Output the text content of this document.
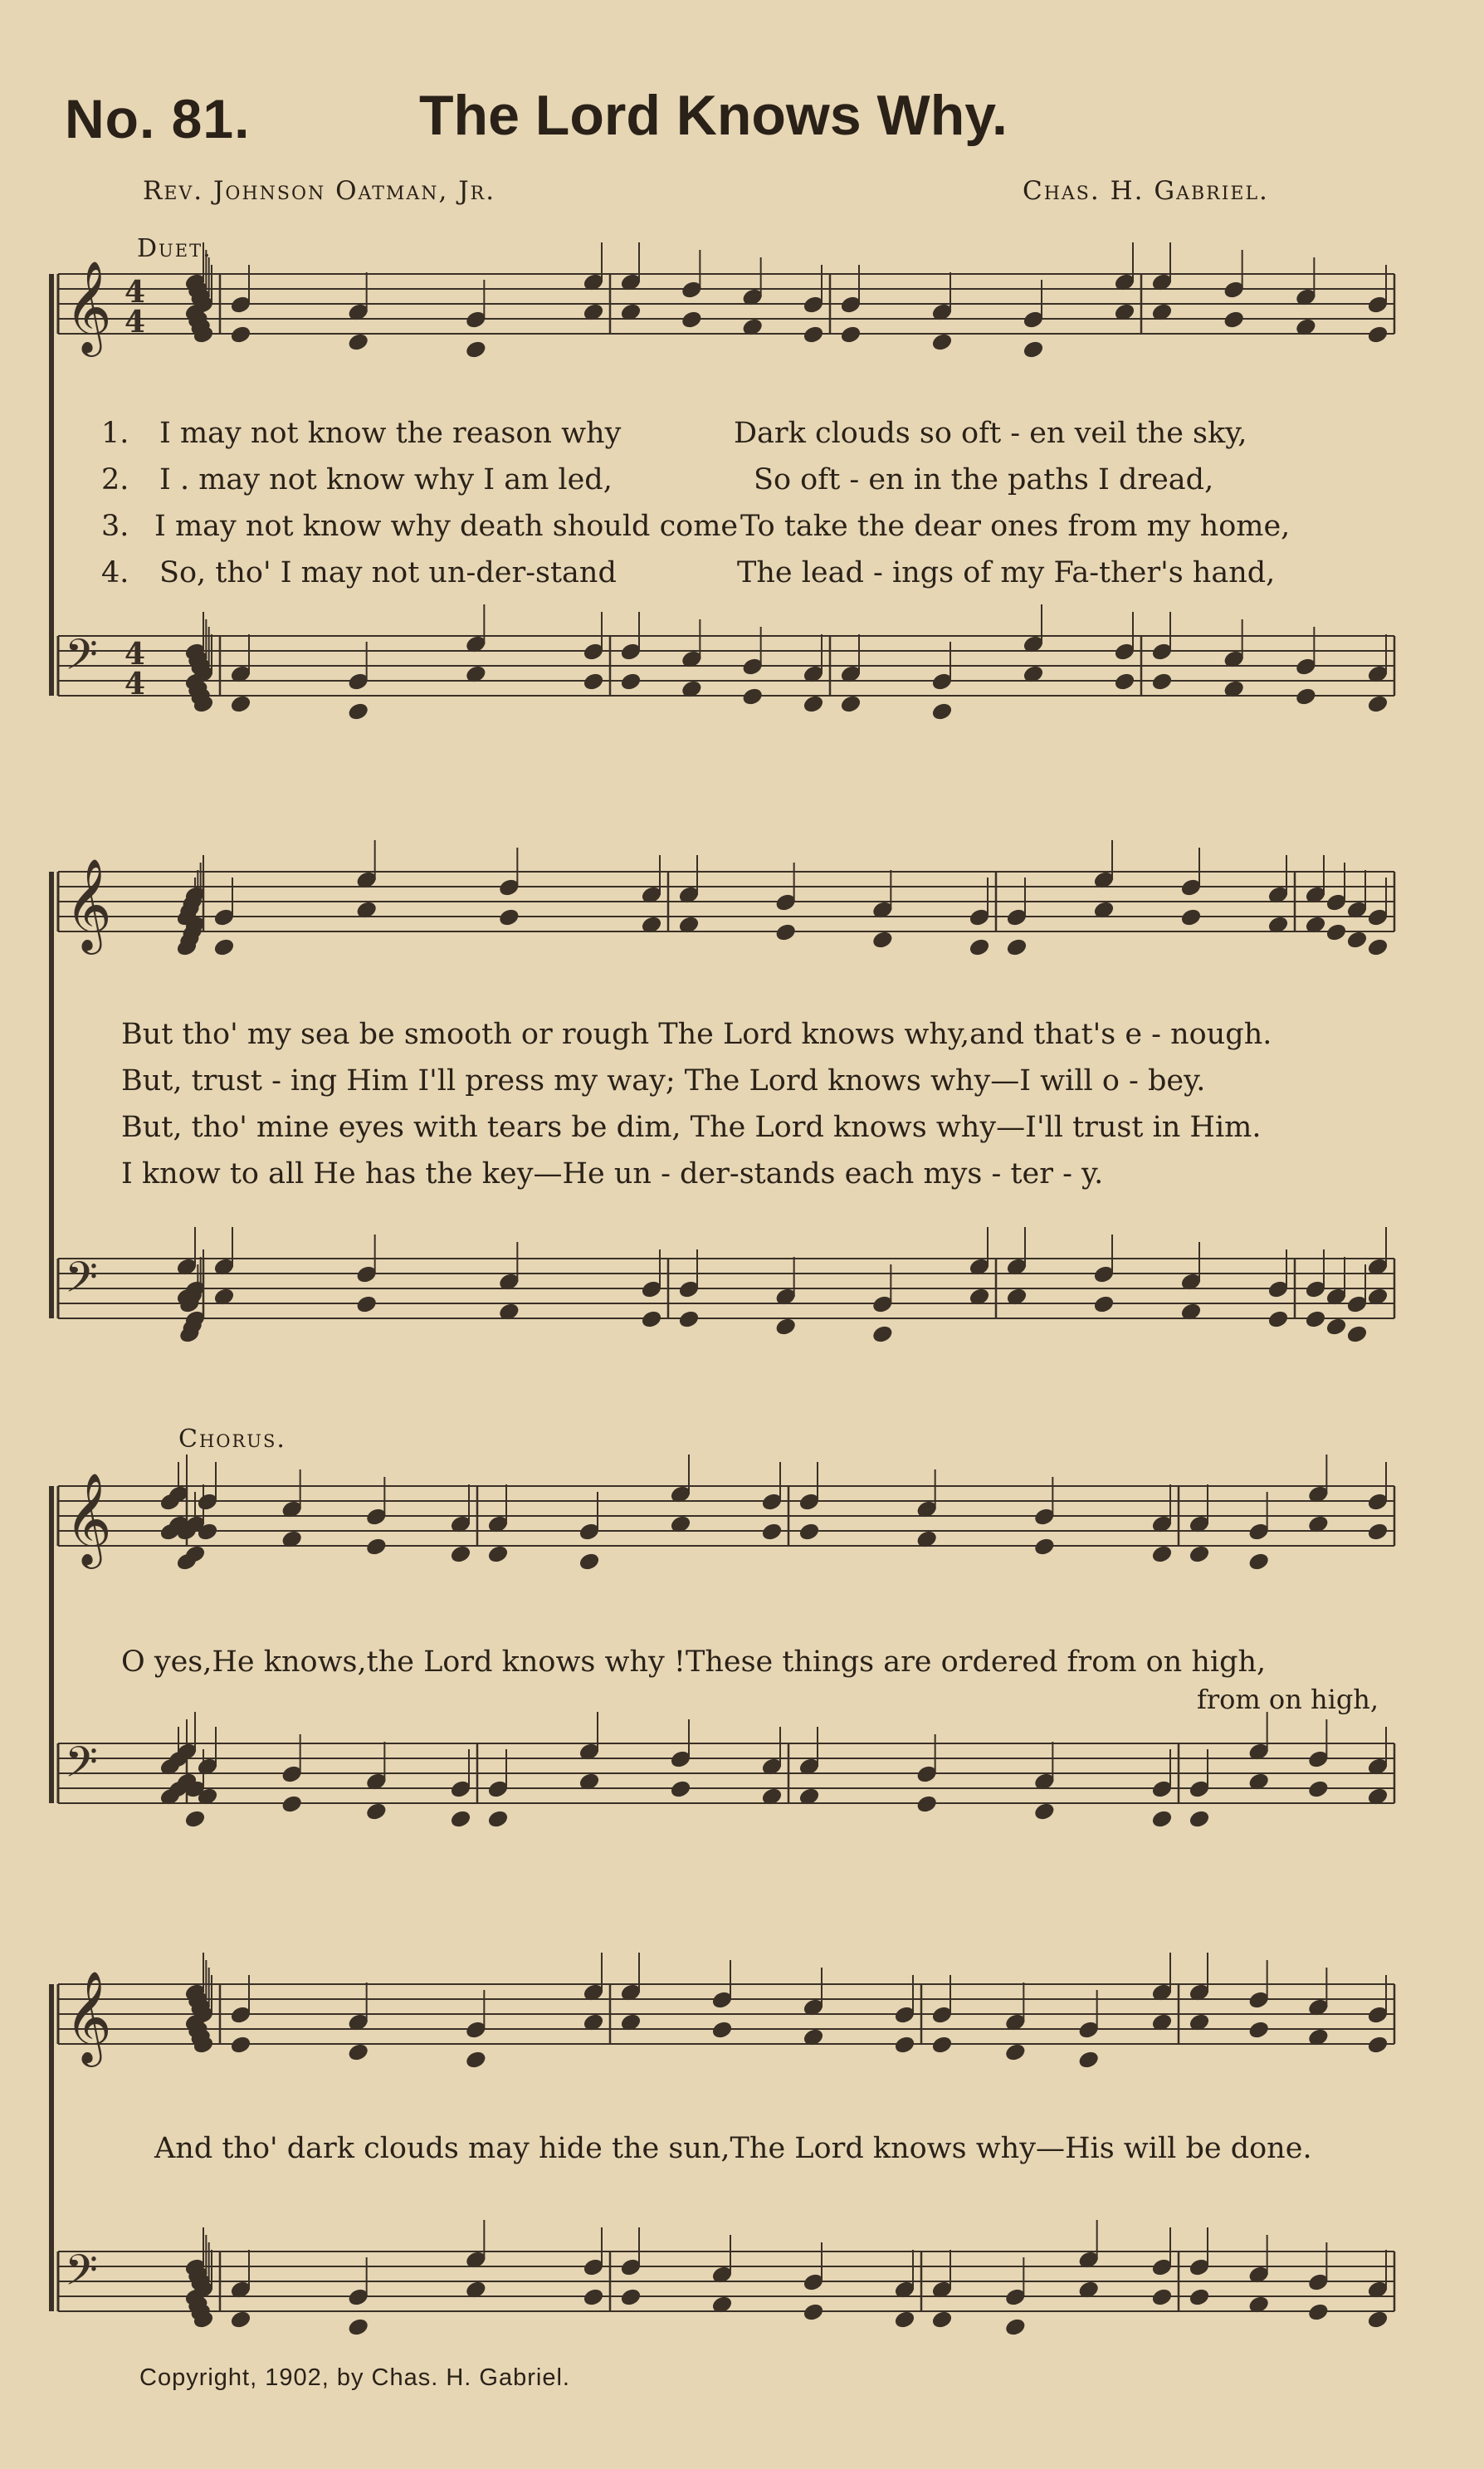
No. 81.	The Lord Knows Why.
Rev. Johnson Oatman, Jr.	Chas. H. Gabriel.
Duet.
Chorus.
𝄞
𝄢
𝄞
𝄢
𝄞
𝄢
𝄞
𝄢
4
4
4
4
1. I may not know the reason why	Dark clouds so oft - en veil the sky,
2. I . may not know why I am led,	So oft - en in the paths I dread,
3. I may not know why death should come To take the dear ones from my home,
4. So, tho' I may not un-der-stand	The lead - ings of my Fa-ther's hand,
But tho' my sea be smooth or rough The Lord knows why,and that's e - nough.
But, trust - ing Him I'll press my way; The Lord knows why—I will o - bey.
But, tho' mine eyes with tears be dim, The Lord knows why—I'll trust in Him.
I know to all He has the key—He un - der-stands each mys - ter - y.
O yes,He knows,the Lord knows why !These things are ordered from on high,
from on high,
And tho' dark clouds may hide the sun,The Lord knows why—His will be done.
Copyright, 1902, by Chas. H. Gabriel.
